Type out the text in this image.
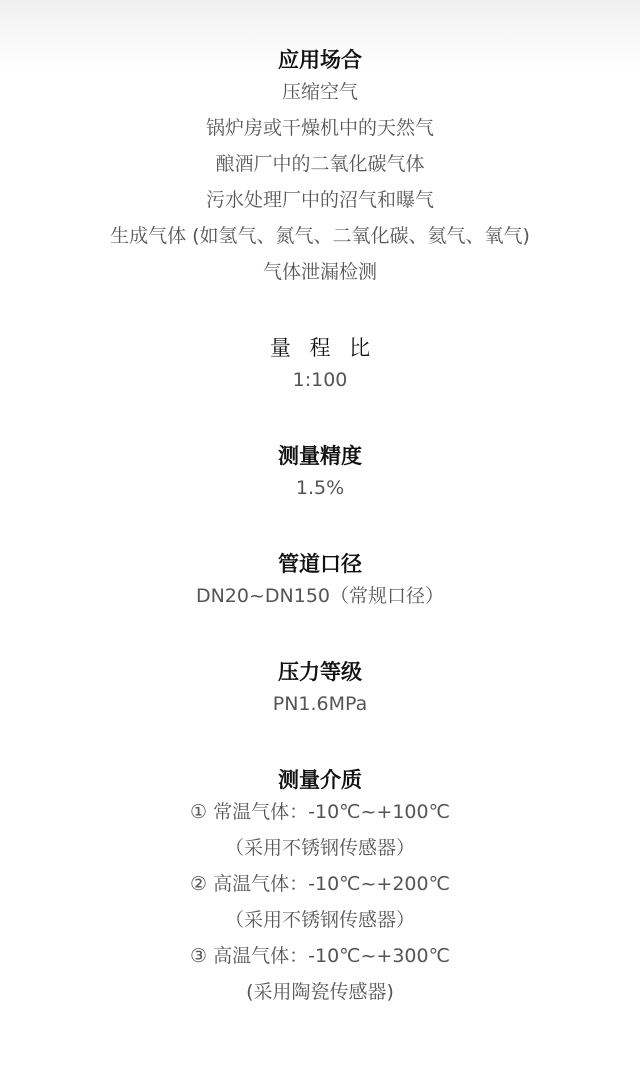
应用场合
压缩空气
锅炉房或干燥机中的天然气
酿酒厂中的二氧化碳气体
污水处理厂中的沼气和曝气
生成气体 (如氢气、氮气、二氧化碳、氦气、氧气)
气体泄漏检测
量 程 比
1:100
测量精度
1.5%
管道口径
DN20~DN150（常规口径）
压力等级
PN1.6MPa
测量介质
① 常温气体：-10℃~+100℃
（采用不锈钢传感器）
② 高温气体：-10℃~+200℃
（采用不锈钢传感器）
③ 高温气体：-10℃~+300℃
(采用陶瓷传感器)
